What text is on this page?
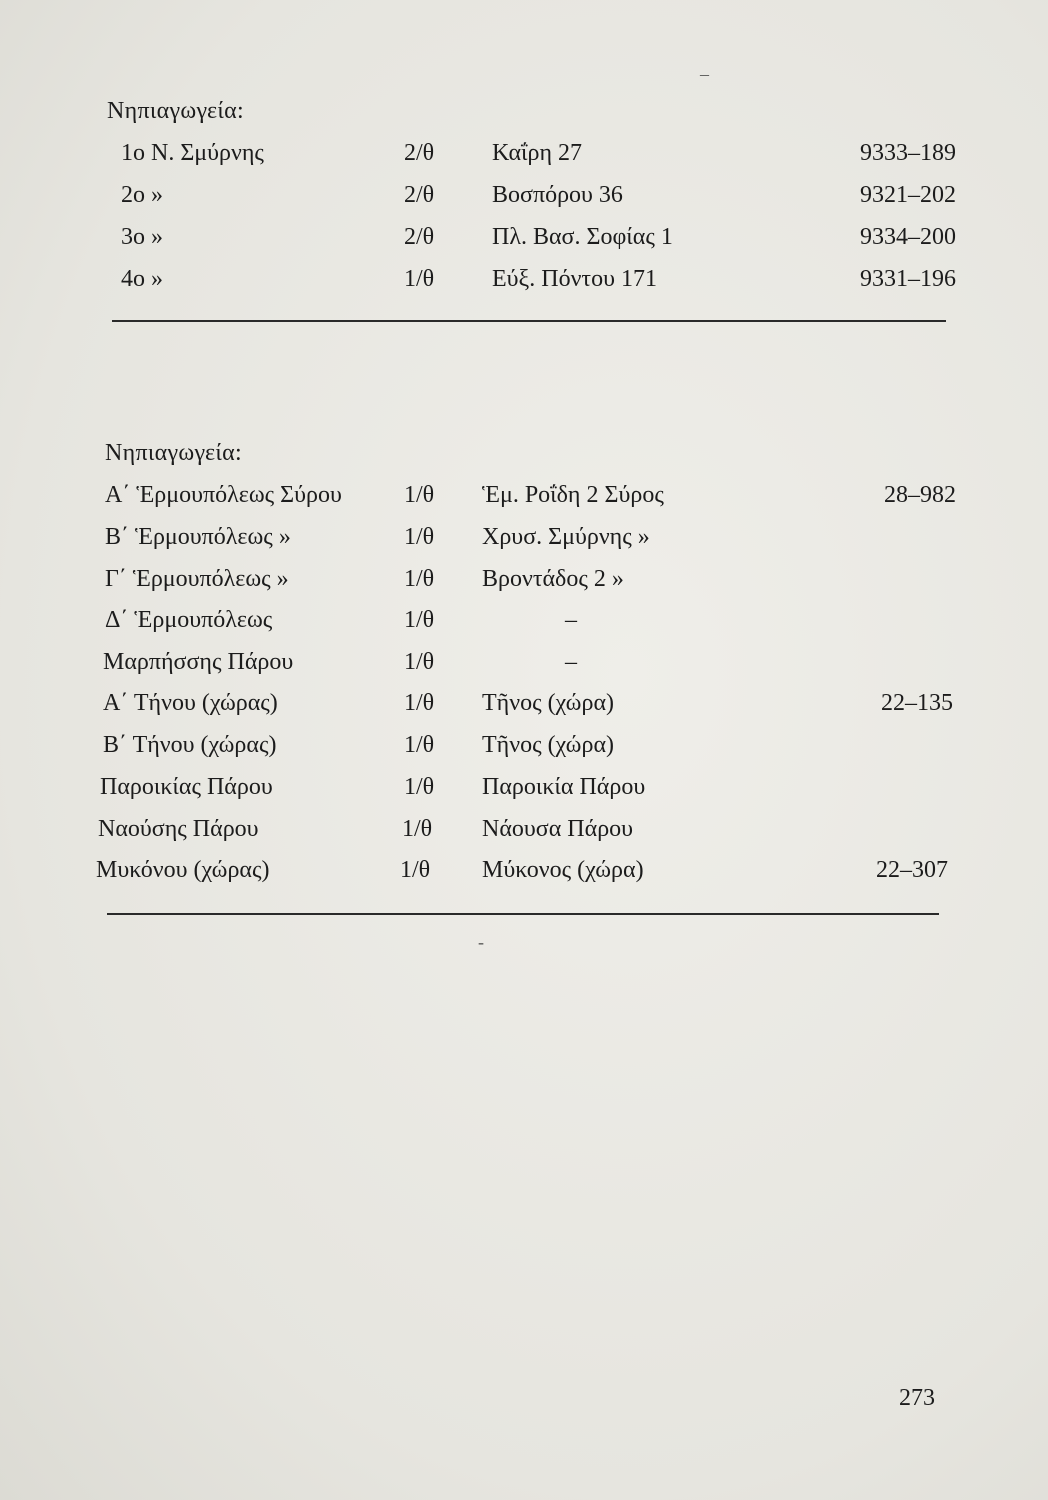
–
Νηπιαγωγεία:
1ο Ν. Σμύρνης	2/θ Καΐρη 27	9333–189
2ο »	2/θ Βοσπόρου 36	9321–202
3ο »	2/θ Πλ. Βασ. Σοφίας 1	9334–200
4ο »	1/θ Εύξ. Πόντου 171	9331–196
Νηπιαγωγεία:
Α΄ Ἑρμουπόλεως Σύρου	1/θ Ἑμ. Ροΐδη 2 Σύρος	28–982
Β΄ Ἑρμουπόλεως »	1/θ Χρυσ. Σμύρνης »
Γ΄ Ἑρμουπόλεως »	1/θ Βροντάδος 2 »
Δ΄ Ἑρμουπόλεως	1/θ	–
Μαρπήσσης Πάρου	1/θ	–
Α΄ Τήνου (χώρας)	1/θ Τῆνος (χώρα)	22–135
Β΄ Τήνου (χώρας)	1/θ Τῆνος (χώρα)
Παροικίας Πάρου	1/θ Παροικία Πάρου
Ναούσης Πάρου	1/θ Νάουσα Πάρου
Μυκόνου (χώρας)	1/θ Μύκονος (χώρα)	22–307
-
273
